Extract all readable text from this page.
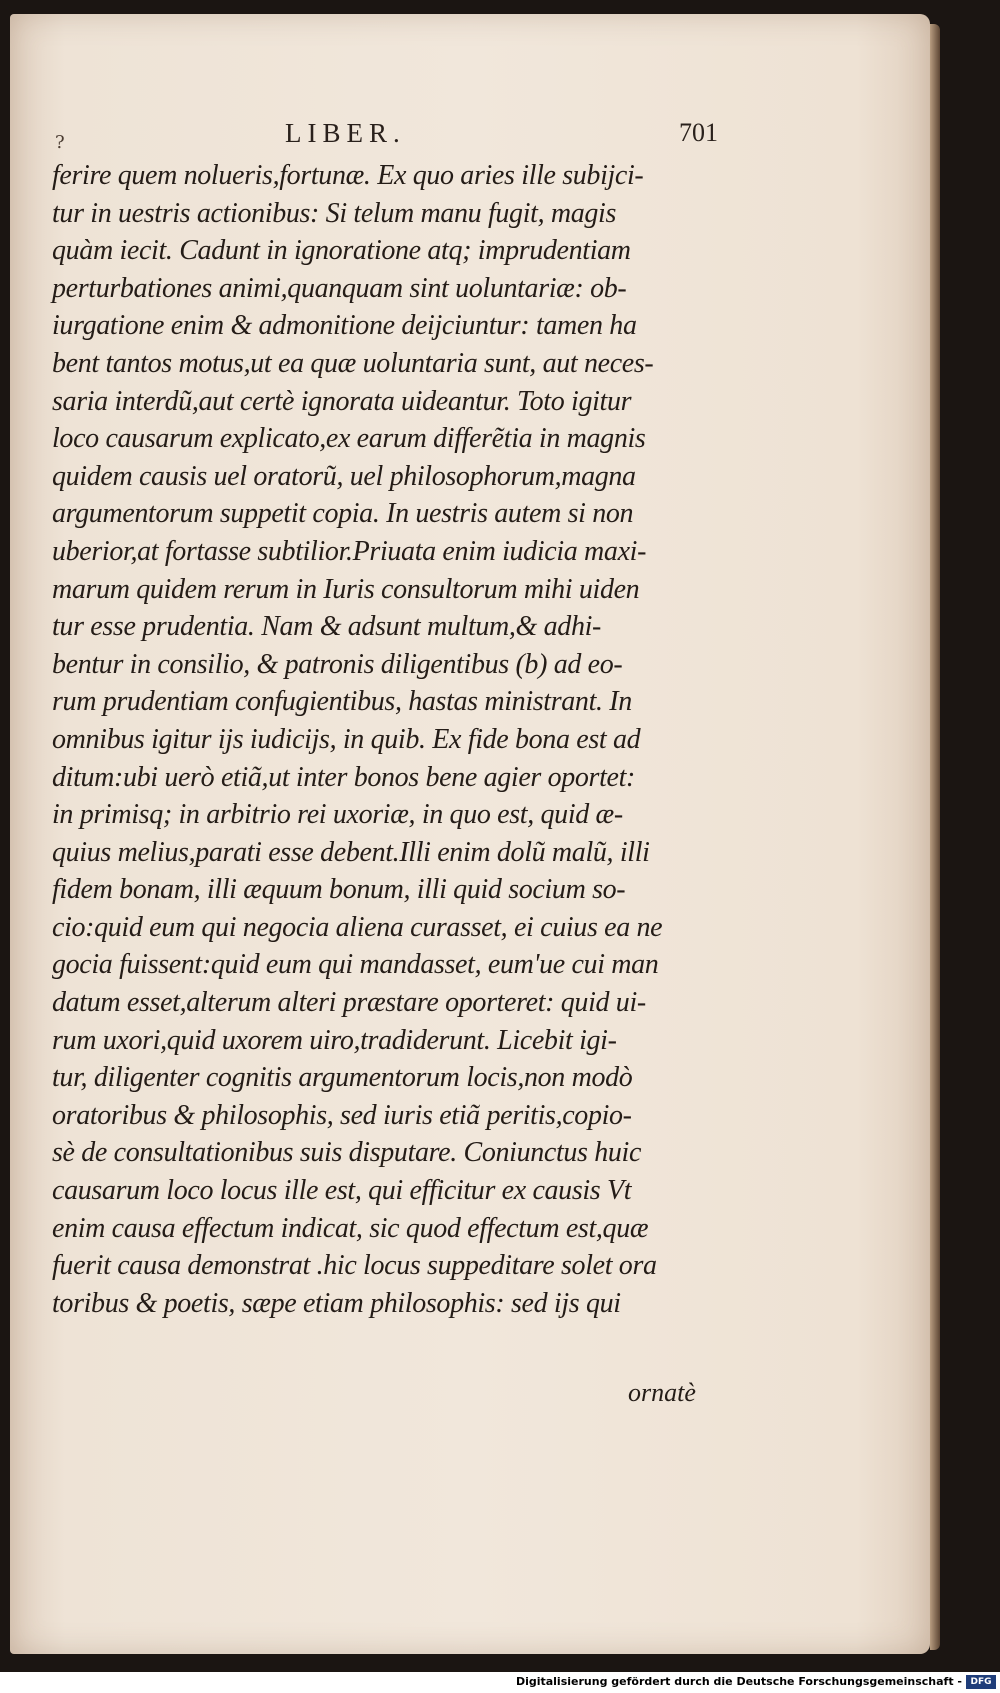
?	LIBER.	701
ferire quem nolueris,fortunæ. Ex quo aries ille subijci-
tur in uestris actionibus: Si telum manu fugit, magis
quàm iecit. Cadunt in ignoratione atq; imprudentiam
perturbationes animi,quanquam sint uoluntariæ: ob-
iurgatione enim & admonitione deijciuntur: tamen ha
bent tantos motus,ut ea quæ uoluntaria sunt, aut neces-
saria interdũ,aut certè ignorata uideantur. Toto igitur
loco causarum explicato,ex earum differẽtia in magnis
quidem causis uel oratorũ, uel philosophorum,magna
argumentorum suppetit copia. In uestris autem si non
uberior,at fortasse subtilior.Priuata enim iudicia maxi-
marum quidem rerum in Iuris consultorum mihi uiden
tur esse prudentia. Nam & adsunt multum,& adhi-
bentur in consilio, & patronis diligentibus (b) ad eo-
rum prudentiam confugientibus, hastas ministrant. In
omnibus igitur ijs iudicijs, in quib. Ex fide bona est ad
ditum:ubi uerò etiã,ut inter bonos bene agier oportet:
in primisq; in arbitrio rei uxoriæ, in quo est, quid æ-
quius melius,parati esse debent.Illi enim dolũ malũ, illi
fidem bonam, illi æquum bonum, illi quid socium so-
cio:quid eum qui negocia aliena curasset, ei cuius ea ne
gocia fuissent:quid eum qui mandasset, eum'ue cui man
datum esset,alterum alteri præstare oporteret: quid ui-
rum uxori,quid uxorem uiro,tradiderunt. Licebit igi-
tur, diligenter cognitis argumentorum locis,non modò
oratoribus & philosophis, sed iuris etiã peritis,copio-
sè de consultationibus suis disputare. Coniunctus huic
causarum loco locus ille est, qui efficitur ex causis Vt
enim causa effectum indicat, sic quod effectum est,quæ
fuerit causa demonstrat .hic locus suppeditare solet ora
toribus & poetis, sæpe etiam philosophis: sed ijs qui
ornatè
Digitalisierung gefördert durch die Deutsche Forschungsgemeinschaft - DFG
